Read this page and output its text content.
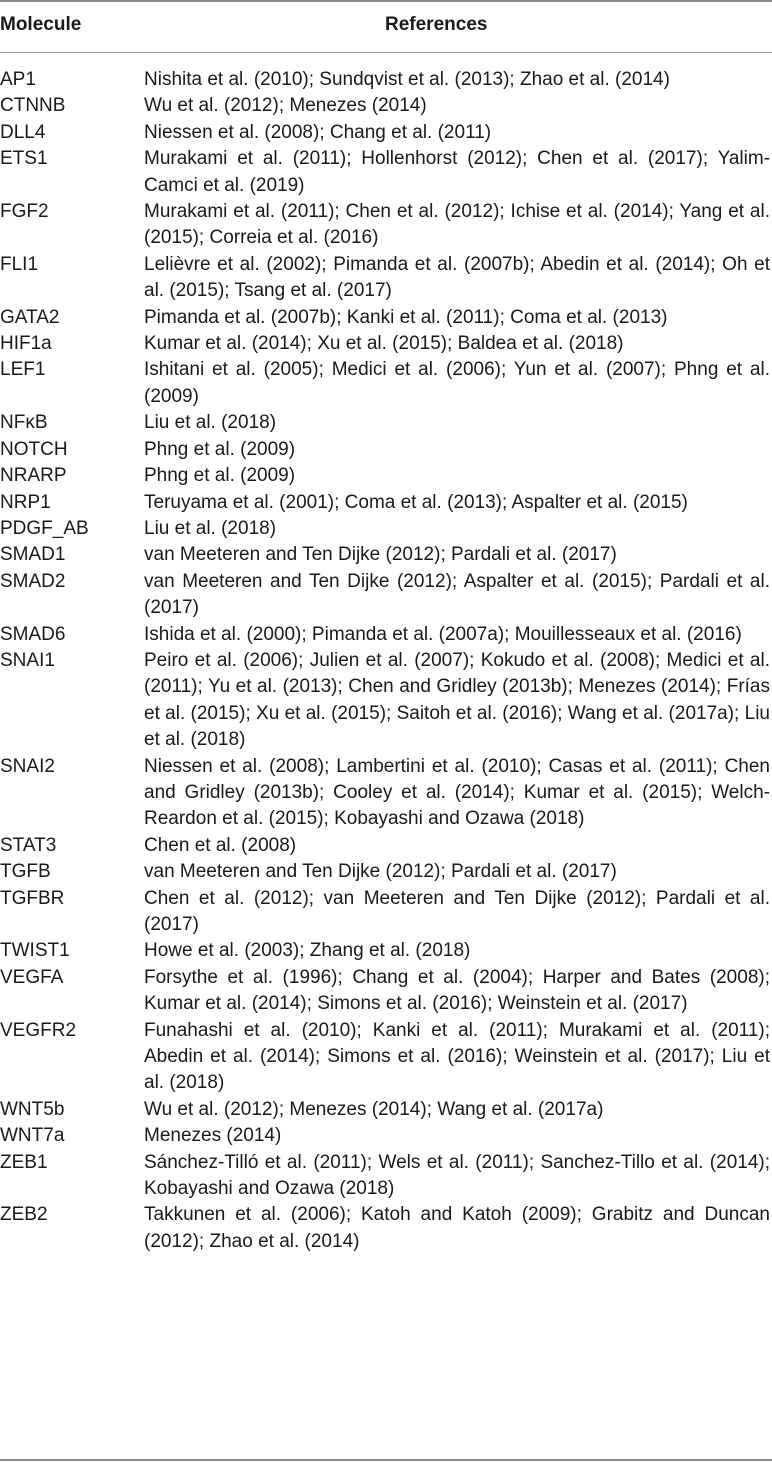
Molecule	References
AP1	Nishita et al. (2010); Sundqvist et al. (2013); Zhao et al. (2014)
CTNNB	Wu et al. (2012); Menezes (2014)
DLL4	Niessen et al. (2008); Chang et al. (2011)
ETS1	Murakami et al. (2011); Hollenhorst (2012); Chen et al. (2017); Yalim-Camci et al. (2019)
FGF2	Murakami et al. (2011); Chen et al. (2012); Ichise et al. (2014); Yang et al. (2015); Correia et al. (2016)
FLI1	Lelièvre et al. (2002); Pimanda et al. (2007b); Abedin et al. (2014); Oh et al. (2015); Tsang et al. (2017)
GATA2	Pimanda et al. (2007b); Kanki et al. (2011); Coma et al. (2013)
HIF1a	Kumar et al. (2014); Xu et al. (2015); Baldea et al. (2018)
LEF1	Ishitani et al. (2005); Medici et al. (2006); Yun et al. (2007); Phng et al. (2009)
NFκB	Liu et al. (2018)
NOTCH	Phng et al. (2009)
NRARP	Phng et al. (2009)
NRP1	Teruyama et al. (2001); Coma et al. (2013); Aspalter et al. (2015)
PDGF_AB	Liu et al. (2018)
SMAD1	van Meeteren and Ten Dijke (2012); Pardali et al. (2017)
SMAD2	van Meeteren and Ten Dijke (2012); Aspalter et al. (2015); Pardali et al. (2017)
SMAD6	Ishida et al. (2000); Pimanda et al. (2007a); Mouillesseaux et al. (2016)
SNAI1	Peiro et al. (2006); Julien et al. (2007); Kokudo et al. (2008); Medici et al. (2011); Yu et al. (2013); Chen and Gridley (2013b); Menezes (2014); Frías et al. (2015); Xu et al. (2015); Saitoh et al. (2016); Wang et al. (2017a); Liu et al. (2018)
SNAI2	Niessen et al. (2008); Lambertini et al. (2010); Casas et al. (2011); Chen and Gridley (2013b); Cooley et al. (2014); Kumar et al. (2015); Welch-Reardon et al. (2015); Kobayashi and Ozawa (2018)
STAT3	Chen et al. (2008)
TGFB	van Meeteren and Ten Dijke (2012); Pardali et al. (2017)
TGFBR	Chen et al. (2012); van Meeteren and Ten Dijke (2012); Pardali et al. (2017)
TWIST1	Howe et al. (2003); Zhang et al. (2018)
VEGFA	Forsythe et al. (1996); Chang et al. (2004); Harper and Bates (2008); Kumar et al. (2014); Simons et al. (2016); Weinstein et al. (2017)
VEGFR2	Funahashi et al. (2010); Kanki et al. (2011); Murakami et al. (2011); Abedin et al. (2014); Simons et al. (2016); Weinstein et al. (2017); Liu et al. (2018)
WNT5b	Wu et al. (2012); Menezes (2014); Wang et al. (2017a)
WNT7a	Menezes (2014)
ZEB1	Sánchez-Tilló et al. (2011); Wels et al. (2011); Sanchez-Tillo et al. (2014); Kobayashi and Ozawa (2018)
ZEB2	Takkunen et al. (2006); Katoh and Katoh (2009); Grabitz and Duncan (2012); Zhao et al. (2014)
